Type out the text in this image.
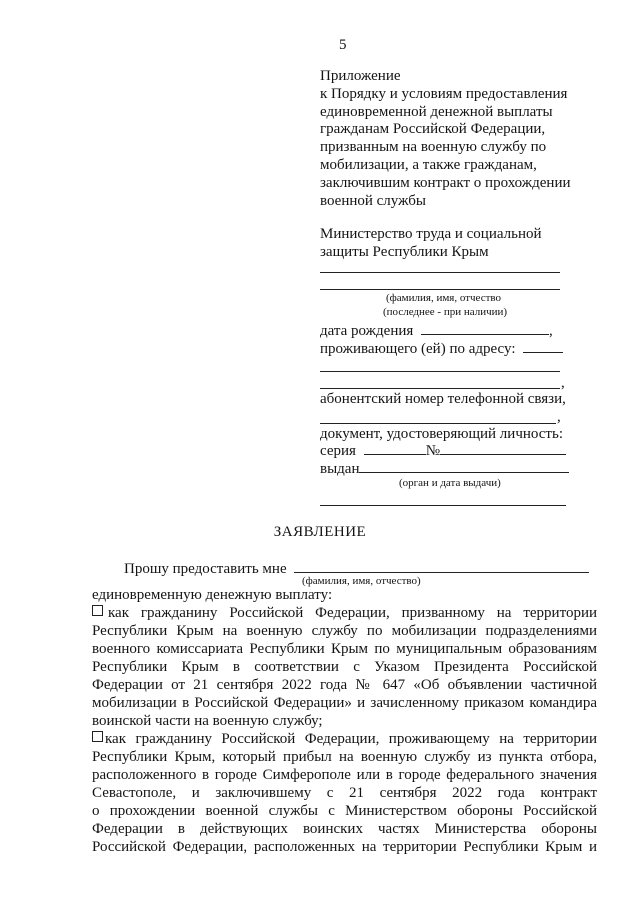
5
Приложение
к Порядку и условиям предоставления
единовременной денежной выплаты
гражданам Российской Федерации,
призванным на военную службу по
мобилизации, а также гражданам,
заключившим контракт о прохождении
военной службы
Министерство труда и социальной
защиты Республики Крым
(фамилия, имя, отчество
(последнее - при наличии)
дата рождения	,
проживающего (ей) по адресу:
,
абонентский номер телефонной связи,
,
документ, удостоверяющий личность:
серия	№
выдан
(орган и дата выдачи)
ЗАЯВЛЕНИЕ
Прошу предоставить мне
(фамилия, имя, отчество)
единовременную денежную выплату:
как гражданину Российской Федерации, призванному на территории
Республики Крым на военную службу по мобилизации подразделениями
военного комиссариата Республики Крым по муниципальным образованиям
Республики Крым в соответствии с Указом Президента Российской
Федерации от 21 сентября 2022 года № 647 «Об объявлении частичной
мобилизации в Российской Федерации» и зачисленному приказом командира
воинской части на военную службу;
как гражданину Российской Федерации, проживающему на территории
Республики Крым, который прибыл на военную службу из пункта отбора,
расположенного в городе Симферополе или в городе федерального значения
Севастополе, и заключившему с 21 сентября 2022 года контракт
о прохождении военной службы с Министерством обороны Российской
Федерации в действующих воинских частях Министерства обороны
Российской Федерации, расположенных на территории Республики Крым и
